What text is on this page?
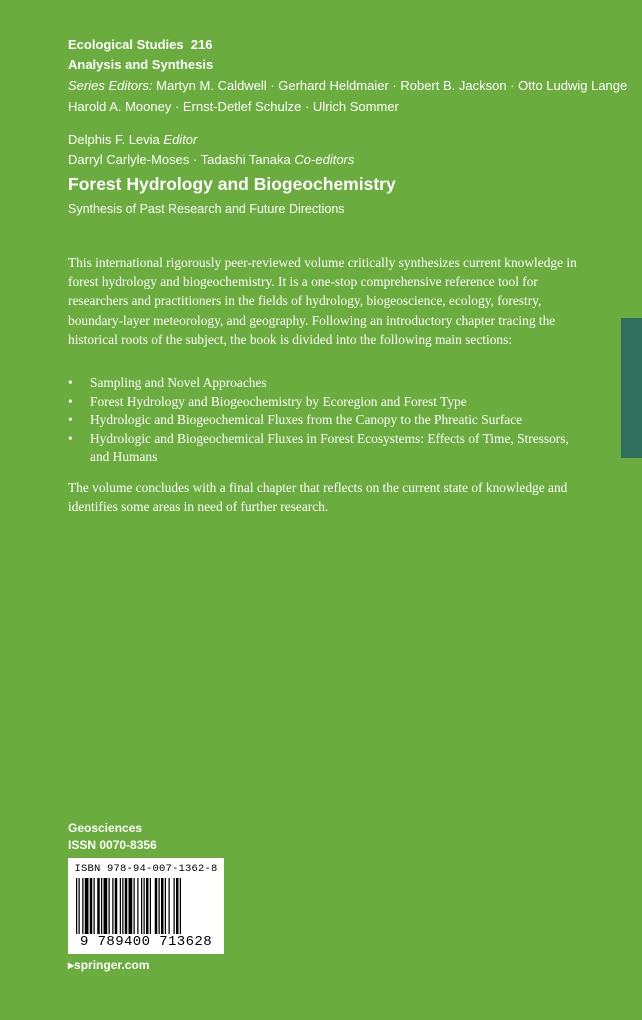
Ecological Studies 216
Analysis and Synthesis
Series Editors: Martyn M. Caldwell · Gerhard Heldmaier · Robert B. Jackson · Otto Ludwig Lange
Harold A. Mooney · Ernst-Detlef Schulze · Ulrich Sommer
Delphis F. Levia Editor
Darryl Carlyle-Moses · Tadashi Tanaka Co-editors
Forest Hydrology and Biogeochemistry
Synthesis of Past Research and Future Directions

This international rigorously peer-reviewed volume critically synthesizes current knowledge in forest hydrology and biogeochemistry. It is a one-stop comprehensive reference tool for researchers and practitioners in the fields of hydrology, biogeoscience, ecology, forestry, boundary-layer meteorology, and geography. Following an introductory chapter tracing the historical roots of the subject, the book is divided into the following main sections:

• Sampling and Novel Approaches
• Forest Hydrology and Biogeochemistry by Ecoregion and Forest Type
• Hydrologic and Biogeochemical Fluxes from the Canopy to the Phreatic Surface
• Hydrologic and Biogeochemical Fluxes in Forest Ecosystems: Effects of Time, Stressors, and Humans
The volume concludes with a final chapter that reflects on the current state of knowledge and identifies some areas in need of further research.
Geosciences
ISSN 0070-8356
ISBN 978-94-007-1362-8
9 789400 713628
▸springer.com
